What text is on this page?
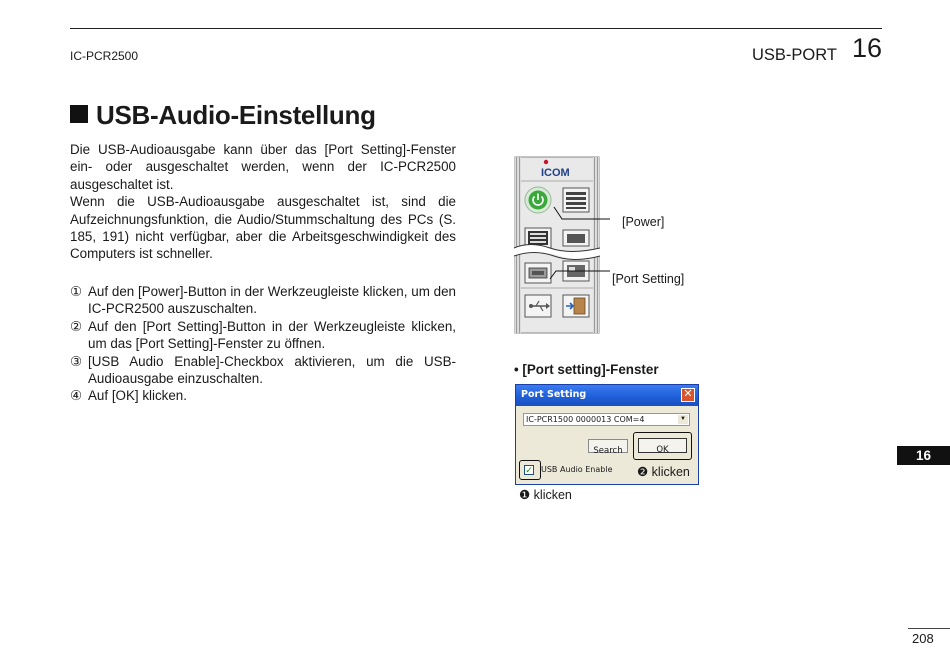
IC-PCR2500	USB-PORT 16
USB-Audio-Einstellung

Die USB-Audioausgabe kann über das [Port Setting]-Fenster ein- oder ausgeschaltet werden, wenn der IC-PCR2500 ausgeschaltet ist.

Wenn die USB-Audioausgabe ausgeschaltet ist, sind die Aufzeichnungsfunktion, die Audio/Stummschaltung des PCs (S. 185, 191) nicht verfügbar, aber die Arbeitsgeschwindigkeit des Computers ist schneller.

① Auf den [Power]-Button in der Werkzeugleiste klicken, um den IC-PCR2500 auszuschalten.
② Auf den [Port Setting]-Button in der Werkzeugleiste klicken, um das [Port Setting]-Fenster zu öffnen.
③ [USB Audio Enable]-Checkbox aktivieren, um die USB-Audioausgabe einzuschalten.
④ Auf [OK] klicken.
ICOM
[Power]
[Port Setting]
• [Port setting]-Fenster
Port Setting	✕
IC-PCR1500 0000013 COM=4	▼
Search	OK
✓ USB Audio Enable ❷ klicken
❶ klicken
16
208
